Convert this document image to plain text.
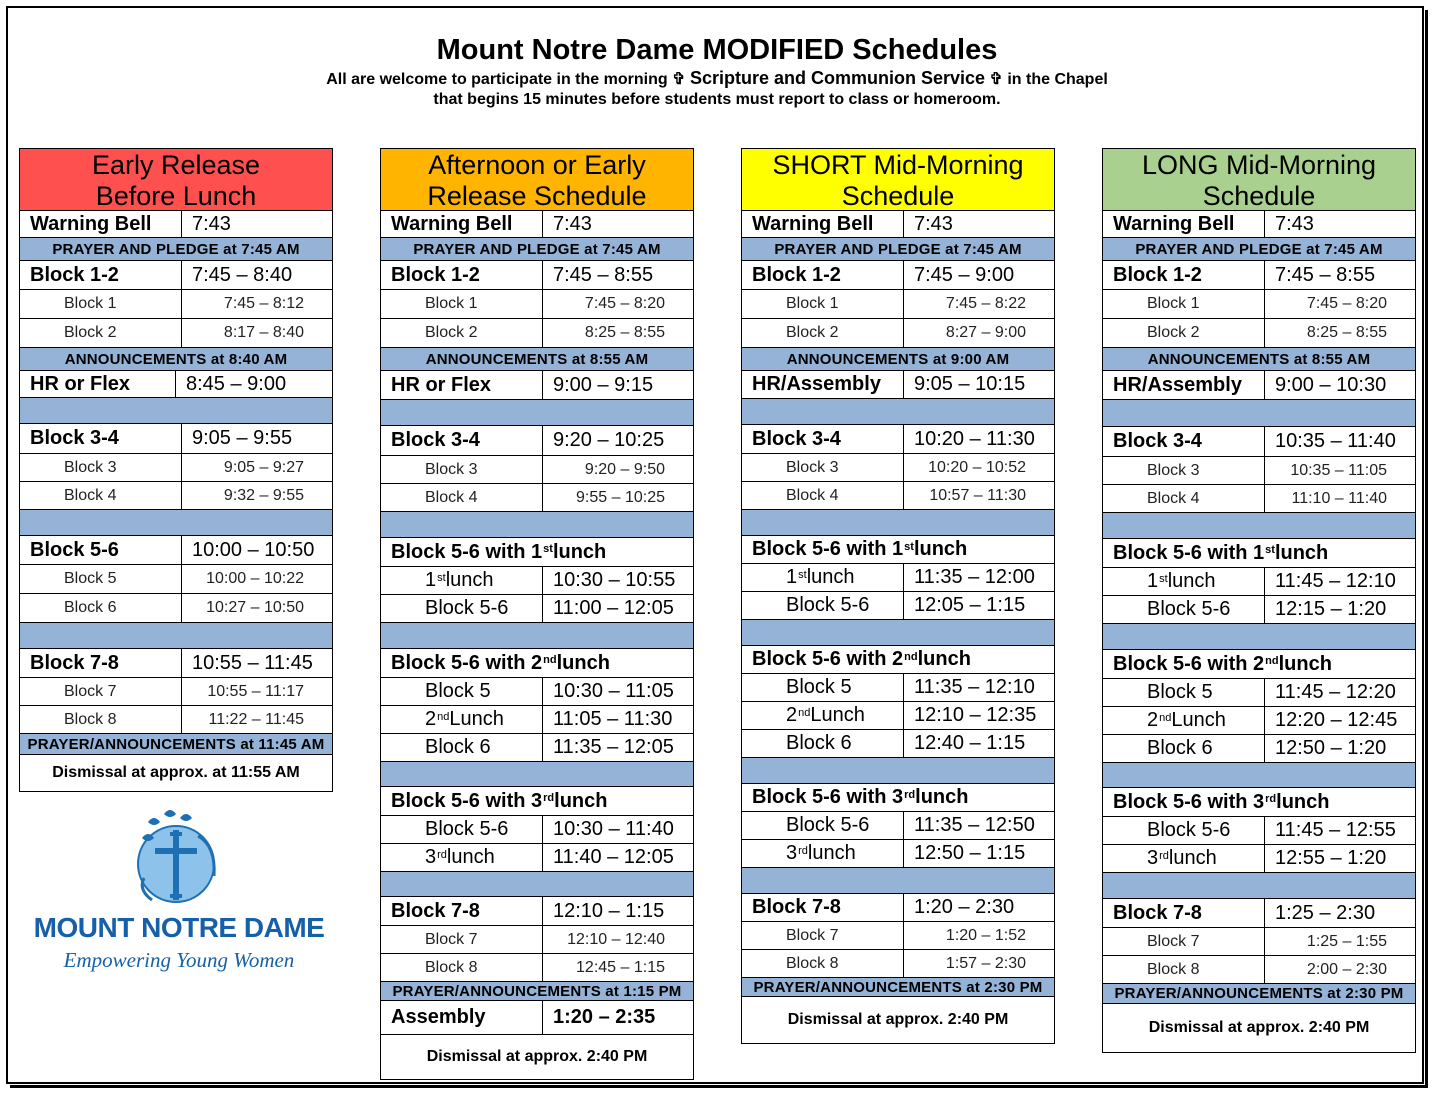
Mount Notre Dame MODIFIED Schedules
All are welcome to participate in the morning ✞ Scripture and Communion Service ✞ in the Chapel
that begins 15 minutes before students must report to class or homeroom.
Early Release
Before Lunch
Warning Bell	7:43
PRAYER AND PLEDGE at 7:45 AM
Block 1-2	7:45 – 8:40
Block 1	7:45 – 8:12
Block 2	8:17 – 8:40
ANNOUNCEMENTS at 8:40 AM
HR or Flex	8:45 – 9:00
Block 3-4	9:05 – 9:55
Block 3	9:05 – 9:27
Block 4	9:32 – 9:55
Block 5-6	10:00 – 10:50
Block 5	10:00 – 10:22
Block 6	10:27 – 10:50
Block 7-8	10:55 – 11:45
Block 7	10:55 – 11:17
Block 8	11:22 – 11:45
PRAYER/ANNOUNCEMENTS at 11:45 AM
Dismissal at approx. at 11:55 AM
Afternoon or Early
Release Schedule
Warning Bell	7:43
PRAYER AND PLEDGE at 7:45 AM
Block 1-2	7:45 – 8:55
Block 1	7:45 – 8:20
Block 2	8:25 – 8:55
ANNOUNCEMENTS at 8:55 AM
HR or Flex	9:00 – 9:15
Block 3-4	9:20 – 10:25
Block 3	9:20 – 9:50
Block 4	9:55 – 10:25
Block 5-6 with 1st lunch
1st lunch	10:30 – 10:55
Block 5-6	11:00 – 12:05
Block 5-6 with 2nd lunch
Block 5	10:30 – 11:05
2nd Lunch	11:05 – 11:30
Block 6	11:35 – 12:05
Block 5-6 with 3rd lunch
Block 5-6	10:30 – 11:40
3rd lunch	11:40 – 12:05
Block 7-8	12:10 – 1:15
Block 7	12:10 – 12:40
Block 8	12:45 – 1:15
PRAYER/ANNOUNCEMENTS at 1:15 PM
Assembly	1:20 – 2:35
Dismissal at approx. 2:40 PM
SHORT Mid-Morning
Schedule
Warning Bell	7:43
PRAYER AND PLEDGE at 7:45 AM
Block 1-2	7:45 – 9:00
Block 1	7:45 – 8:22
Block 2	8:27 – 9:00
ANNOUNCEMENTS at 9:00 AM
HR/Assembly	9:05 – 10:15
Block 3-4	10:20 – 11:30
Block 3	10:20 – 10:52
Block 4	10:57 – 11:30
Block 5-6 with 1st lunch
1st lunch	11:35 – 12:00
Block 5-6	12:05 – 1:15
Block 5-6 with 2nd lunch
Block 5	11:35 – 12:10
2nd Lunch	12:10 – 12:35
Block 6	12:40 – 1:15
Block 5-6 with 3rd lunch
Block 5-6	11:35 – 12:50
3rd lunch	12:50 – 1:15
Block 7-8	1:20 – 2:30
Block 7	1:20 – 1:52
Block 8	1:57 – 2:30
PRAYER/ANNOUNCEMENTS at 2:30 PM
Dismissal at approx. 2:40 PM
LONG Mid-Morning
Schedule
Warning Bell	7:43
PRAYER AND PLEDGE at 7:45 AM
Block 1-2	7:45 – 8:55
Block 1	7:45 – 8:20
Block 2	8:25 – 8:55
ANNOUNCEMENTS at 8:55 AM
HR/Assembly	9:00 – 10:30
Block 3-4	10:35 – 11:40
Block 3	10:35 – 11:05
Block 4	11:10 – 11:40
Block 5-6 with 1st lunch
1st lunch	11:45 – 12:10
Block 5-6	12:15 – 1:20
Block 5-6 with 2nd lunch
Block 5	11:45 – 12:20
2nd Lunch	12:20 – 12:45
Block 6	12:50 – 1:20
Block 5-6 with 3rd lunch
Block 5-6	11:45 – 12:55
3rd lunch	12:55 – 1:20
Block 7-8	1:25 – 2:30
Block 7	1:25 – 1:55
Block 8	2:00 – 2:30
PRAYER/ANNOUNCEMENTS at 2:30 PM
Dismissal at approx. 2:40 PM
MOUNT NOTRE DAME
Empowering Young Women
